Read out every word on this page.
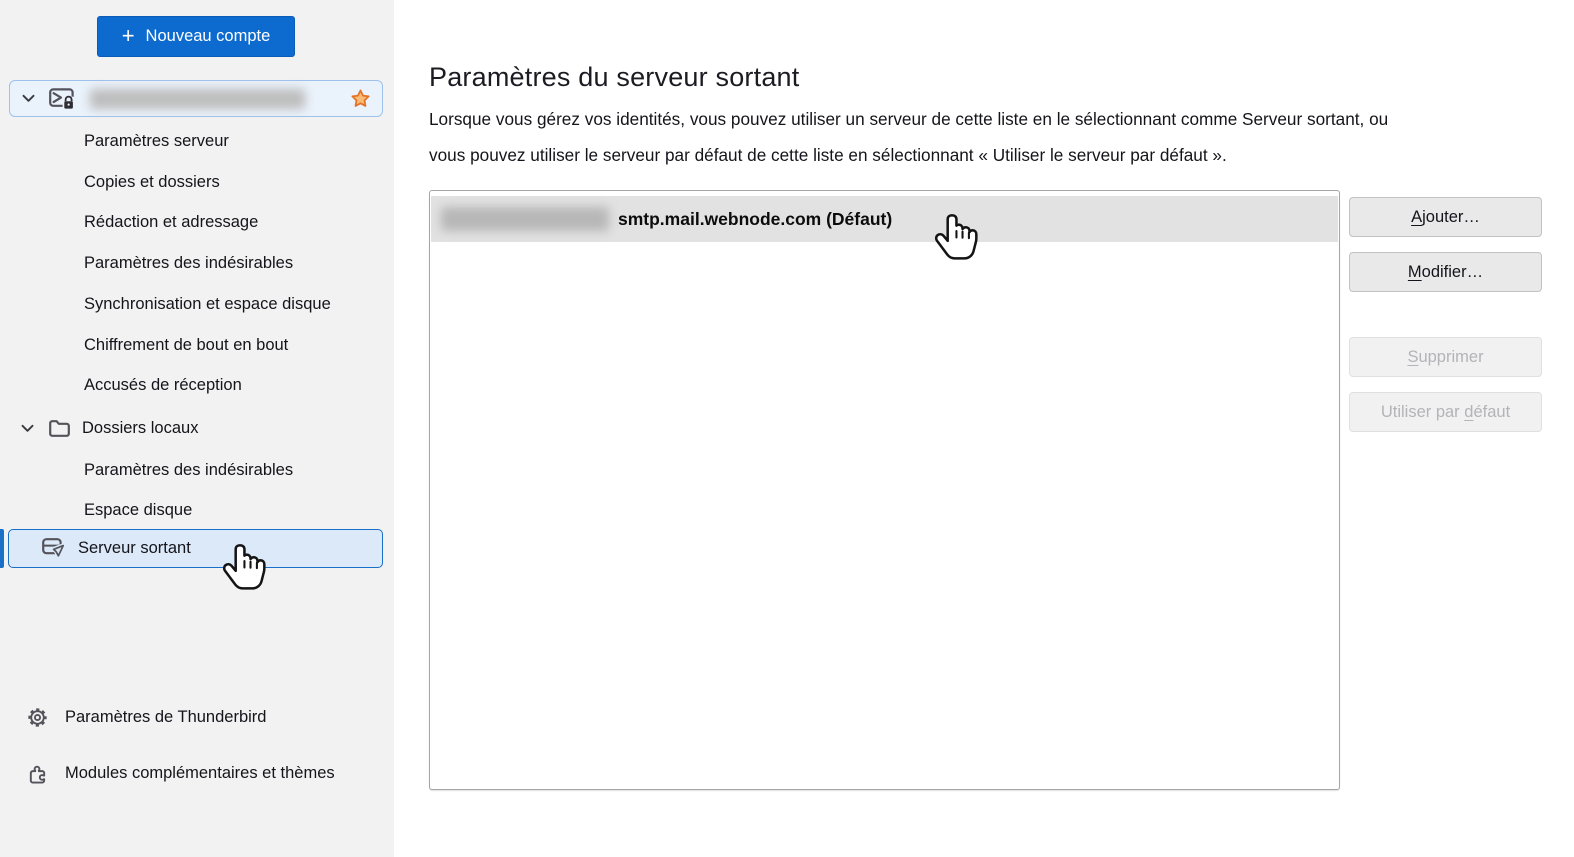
+ Nouveau compte
Paramètres serveur
Copies et dossiers
Rédaction et adressage
Paramètres des indésirables
Synchronisation et espace disque
Chiffrement de bout en bout
Accusés de réception
Dossiers locaux
Paramètres des indésirables
Espace disque
Serveur sortant
Paramètres de Thunderbird
Modules complémentaires et thèmes
Paramètres du serveur sortant
Lorsque vous gérez vos identités, vous pouvez utiliser un serveur de cette liste en le sélectionnant comme Serveur sortant, ou
vous pouvez utiliser le serveur par défaut de cette liste en sélectionnant « Utiliser le serveur par défaut ».
smtp.mail.webnode.com (Défaut)	Ajouter…
Modifier…
Supprimer
Utiliser par défaut
